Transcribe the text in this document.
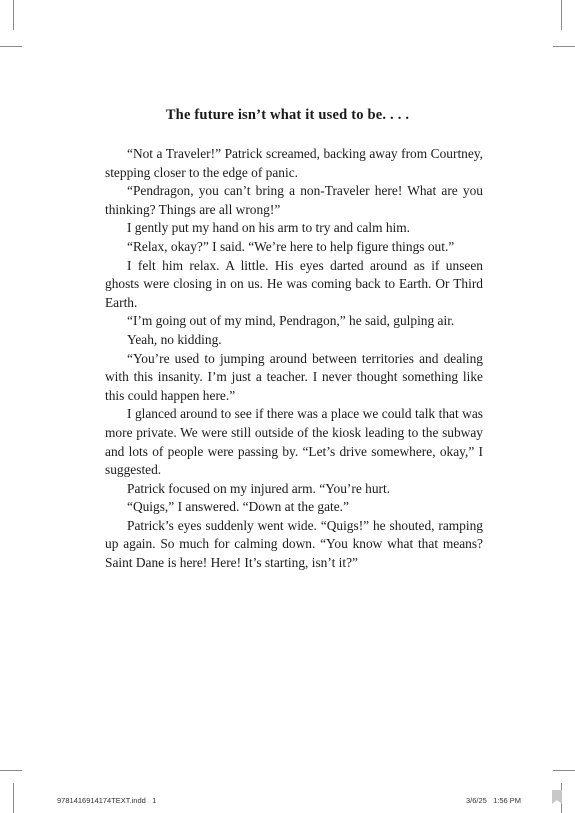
The future isn’t what it used to be. . . .

“Not a Traveler!” Patrick screamed, backing away from Courtney, stepping closer to the edge of panic.

“Pendragon, you can’t bring a non-Traveler here! What are you thinking? Things are all wrong!”

I gently put my hand on his arm to try and calm him.

“Relax, okay?” I said. “We’re here to help figure things out.”

I felt him relax. A little. His eyes darted around as if unseen ghosts were closing in on us. He was coming back to Earth. Or Third Earth.

“I’m going out of my mind, Pendragon,” he said, gulping air.

Yeah, no kidding.

“You’re used to jumping around between territories and dealing with this insanity. I’m just a teacher. I never thought something like this could happen here.”

I glanced around to see if there was a place we could talk that was more private. We were still outside of the kiosk leading to the subway and lots of people were passing by. “Let’s drive somewhere, okay,” I suggested.

Patrick focused on my injured arm. “You’re hurt.

“Quigs,” I answered. “Down at the gate.”

Patrick’s eyes suddenly went wide. “Quigs!” he shouted, ramping up again. So much for calming down. “You know what that means? Saint Dane is here! Here! It’s starting, isn’t it?”

9781416914174TEXT.indd   1	3/6/25   1:56 PM
